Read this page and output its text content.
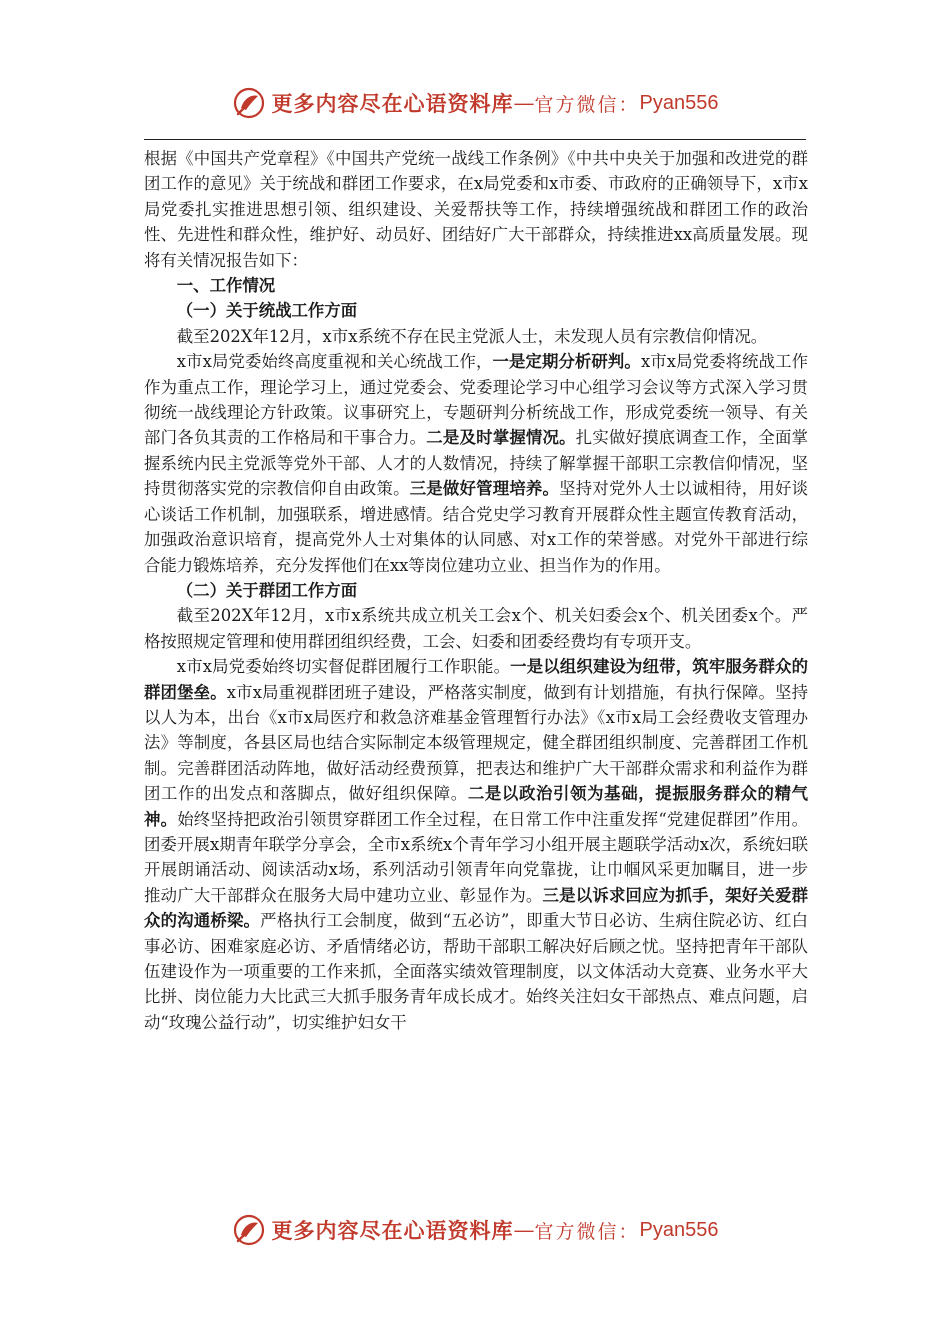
更多内容尽在心语资料库 — 官方微信： Pyan556

根据《中国共产党章程》《中国共产党统一战线工作条例》《中共中央关于加强和改进党的群团工作的意见》关于统战和群团工作要求，在x局党委和x市委、市政府的正确领导下，x市x局党委扎实推进思想引领、组织建设、关爱帮扶等工作，持续增强统战和群团工作的政治性、先进性和群众性，维护好、动员好、团结好广大干部群众，持续推进xx高质量发展。现将有关情况报告如下：

一、工作情况

（一）关于统战工作方面

截至202X年12月，x市x系统不存在民主党派人士，未发现人员有宗教信仰情况。

x市x局党委始终高度重视和关心统战工作，一是定期分析研判。x市x局党委将统战工作作为重点工作，理论学习上，通过党委会、党委理论学习中心组学习会议等方式深入学习贯彻统一战线理论方针政策。议事研究上，专题研判分析统战工作，形成党委统一领导、有关部门各负其责的工作格局和干事合力。二是及时掌握情况。扎实做好摸底调查工作，全面掌握系统内民主党派等党外干部、人才的人数情况，持续了解掌握干部职工宗教信仰情况，坚持贯彻落实党的宗教信仰自由政策。三是做好管理培养。坚持对党外人士以诚相待，用好谈心谈话工作机制，加强联系，增进感情。结合党史学习教育开展群众性主题宣传教育活动，加强政治意识培育，提高党外人士对集体的认同感、对x工作的荣誉感。对党外干部进行综合能力锻炼培养，充分发挥他们在xx等岗位建功立业、担当作为的作用。

（二）关于群团工作方面

截至202X年12月，x市x系统共成立机关工会x个、机关妇委会x个、机关团委x个。严格按照规定管理和使用群团组织经费，工会、妇委和团委经费均有专项开支。

x市x局党委始终切实督促群团履行工作职能。一是以组织建设为纽带，筑牢服务群众的群团堡垒。x市x局重视群团班子建设，严格落实制度，做到有计划措施，有执行保障。坚持以人为本，出台《x市x局医疗和救急济难基金管理暂行办法》《x市x局工会经费收支管理办法》等制度，各县区局也结合实际制定本级管理规定，健全群团组织制度、完善群团工作机制。完善群团活动阵地，做好活动经费预算，把表达和维护广大干部群众需求和利益作为群团工作的出发点和落脚点，做好组织保障。二是以政治引领为基础，提振服务群众的精气神。始终坚持把政治引领贯穿群团工作全过程，在日常工作中注重发挥“党建促群团”作用。团委开展x期青年联学分享会，全市x系统x个青年学习小组开展主题联学活动x次，系统妇联开展朗诵活动、阅读活动x场，系列活动引领青年向党靠拢，让巾帼风采更加瞩目，进一步推动广大干部群众在服务大局中建功立业、彰显作为。三是以诉求回应为抓手，架好关爱群众的沟通桥梁。严格执行工会制度，做到“五必访”，即重大节日必访、生病住院必访、红白事必访、困难家庭必访、矛盾情绪必访，帮助干部职工解决好后顾之忧。坚持把青年干部队伍建设作为一项重要的工作来抓，全面落实绩效管理制度，以文体活动大竞赛、业务水平大比拼、岗位能力大比武三大抓手服务青年成长成才。始终关注妇女干部热点、难点问题，启动“玫瑰公益行动”，切实维护妇女干

更多内容尽在心语资料库 — 官方微信： Pyan556
